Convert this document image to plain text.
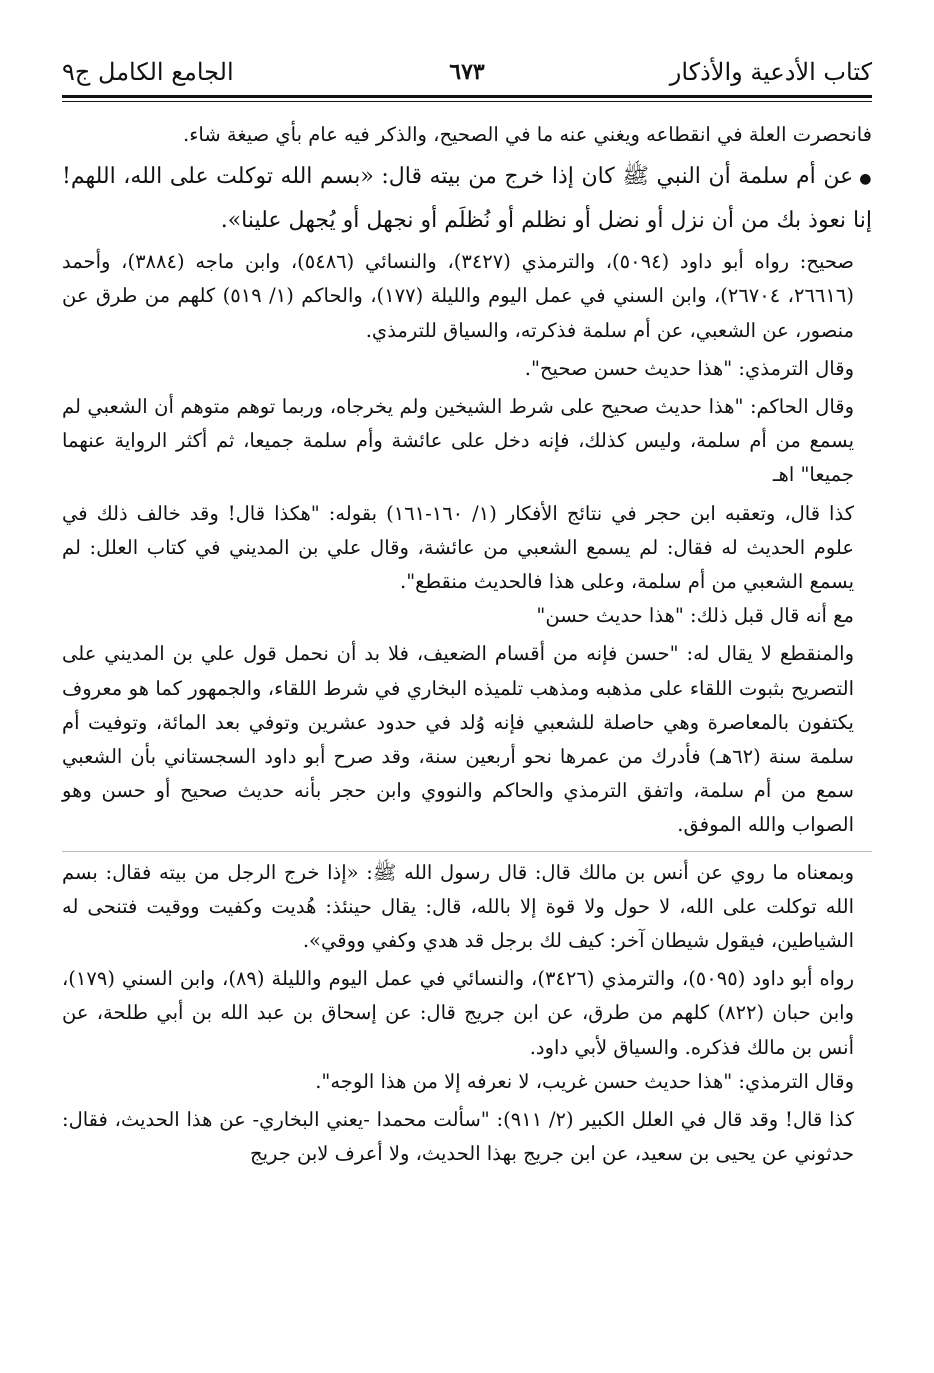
كتاب الأدعية والأذكار
٦٧٣
الجامع الكامل ج٩

فانحصرت العلة في انقطاعه ويغني عنه ما في الصحيح، والذكر فيه عام بأي صيغة شاء.

●عن أم سلمة أن النبي ﷺ كان إذا خرج من بيته قال: «بسم الله توكلت على الله، اللهم! إنا نعوذ بك من أن نزل أو نضل أو نظلم أو نُظلَم أو نجهل أو يُجهل علينا».

صحيح: رواه أبو داود (٥٠٩٤)، والترمذي (٣٤٢٧)، والنسائي (٥٤٨٦)، وابن ماجه (٣٨٨٤)، وأحمد (٢٦٦١٦، ٢٦٧٠٤)، وابن السني في عمل اليوم والليلة (١٧٧)، والحاكم (١/ ٥١٩) كلهم من طرق عن منصور، عن الشعبي، عن أم سلمة فذكرته، والسياق للترمذي.

وقال الترمذي: "هذا حديث حسن صحيح".

وقال الحاكم: "هذا حديث صحيح على شرط الشيخين ولم يخرجاه، وربما توهم متوهم أن الشعبي لم يسمع من أم سلمة، وليس كذلك، فإنه دخل على عائشة وأم سلمة جميعا، ثم أكثر الرواية عنهما جميعا" اهـ

كذا قال، وتعقبه ابن حجر في نتائج الأفكار (١/ ١٦٠-١٦١) بقوله: "هكذا قال! وقد خالف ذلك في علوم الحديث له فقال: لم يسمع الشعبي من عائشة، وقال علي بن المديني في كتاب العلل: لم يسمع الشعبي من أم سلمة، وعلى هذا فالحديث منقطع".

مع أنه قال قبل ذلك: "هذا حديث حسن"

والمنقطع لا يقال له: "حسن فإنه من أقسام الضعيف، فلا بد أن نحمل قول علي بن المديني على التصريح بثبوت اللقاء على مذهبه ومذهب تلميذه البخاري في شرط اللقاء، والجمهور كما هو معروف يكتفون بالمعاصرة وهي حاصلة للشعبي فإنه وُلد في حدود عشرين وتوفي بعد المائة، وتوفيت أم سلمة سنة (٦٢هـ) فأدرك من عمرها نحو أربعين سنة، وقد صرح أبو داود السجستاني بأن الشعبي سمع من أم سلمة، واتفق الترمذي والحاكم والنووي وابن حجر بأنه حديث صحيح أو حسن وهو الصواب والله الموفق.

وبمعناه ما روي عن أنس بن مالك قال: قال رسول الله ﷺ: «إذا خرج الرجل من بيته فقال: بسم الله توكلت على الله، لا حول ولا قوة إلا بالله، قال: يقال حينئذ: هُديت وكفيت ووقيت فتنحى له الشياطين، فيقول شيطان آخر: كيف لك برجل قد هدي وكفي ووقي».

رواه أبو داود (٥٠٩٥)، والترمذي (٣٤٢٦)، والنسائي في عمل اليوم والليلة (٨٩)، وابن السني (١٧٩)، وابن حبان (٨٢٢) كلهم من طرق، عن ابن جريج قال: عن إسحاق بن عبد الله بن أبي طلحة، عن أنس بن مالك فذكره. والسياق لأبي داود.

وقال الترمذي: "هذا حديث حسن غريب، لا نعرفه إلا من هذا الوجه".

كذا قال! وقد قال في العلل الكبير (٢/ ٩١١): "سألت محمدا -يعني البخاري- عن هذا الحديث، فقال: حدثوني عن يحيى بن سعيد، عن ابن جريج بهذا الحديث، ولا أعرف لابن جريج
